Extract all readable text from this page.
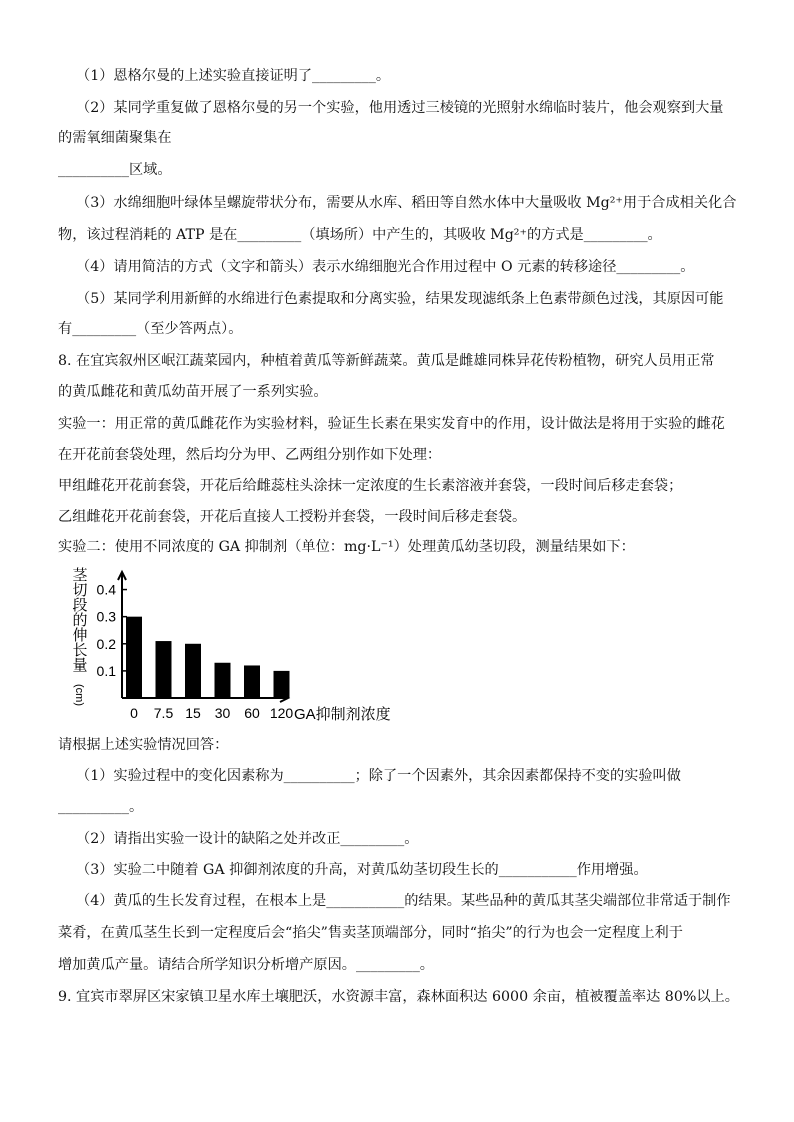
（1）恩格尔曼的上述实验直接证明了_________。
（2）某同学重复做了恩格尔曼的另一个实验，他用透过三棱镜的光照射水绵临时装片，他会观察到大量
的需氧细菌聚集在
__________区域。
（3）水绵细胞叶绿体呈螺旋带状分布，需要从水库、稻田等自然水体中大量吸收 Mg²⁺用于合成相关化合
物，该过程消耗的 ATP 是在_________（填场所）中产生的，其吸收 Mg²⁺的方式是_________。
（4）请用简洁的方式（文字和箭头）表示水绵细胞光合作用过程中 O 元素的转移途径_________。
（5）某同学利用新鲜的水绵进行色素提取和分离实验，结果发现滤纸条上色素带颜色过浅，其原因可能
有_________（至少答两点）。
8. 在宜宾叙州区岷江蔬菜园内，种植着黄瓜等新鲜蔬菜。黄瓜是雌雄同株异花传粉植物，研究人员用正常
的黄瓜雌花和黄瓜幼苗开展了一系列实验。
实验一：用正常的黄瓜雌花作为实验材料，验证生长素在果实发育中的作用，设计做法是将用于实验的雌花
在开花前套袋处理，然后均分为甲、乙两组分别作如下处理：
甲组雌花开花前套袋，开花后给雌蕊柱头涂抹一定浓度的生长素溶液并套袋，一段时间后移走套袋；
乙组雌花开花前套袋，开花后直接人工授粉并套袋，一段时间后移走套袋。
实验二：使用不同浓度的 GA 抑制剂（单位：mg·L⁻¹）处理黄瓜幼茎切段，测量结果如下：
请根据上述实验情况回答：
（1）实验过程中的变化因素称为__________；除了一个因素外，其余因素都保持不变的实验叫做
__________。
（2）请指出实验一设计的缺陷之处并改正_________。
（3）实验二中随着 GA 抑御剂浓度的升高，对黄瓜幼茎切段生长的___________作用增强。
（4）黄瓜的生长发育过程，在根本上是___________的结果。某些品种的黄瓜其茎尖端部位非常适于制作
菜肴，在黄瓜茎生长到一定程度后会“掐尖”售卖茎顶端部分，同时“掐尖”的行为也会一定程度上利于
增加黄瓜产量。请结合所学知识分析增产原因。_________。
9. 宜宾市翠屏区宋家镇卫星水库土壤肥沃，水资源丰富，森林面积达 6000 余亩，植被覆盖率达 80%以上。
0.1
0.2
0.3
0.4
0 7.5 15 30 60 120 GA抑制剂浓度
茎
切
段
的
伸
长
量
(cm)
